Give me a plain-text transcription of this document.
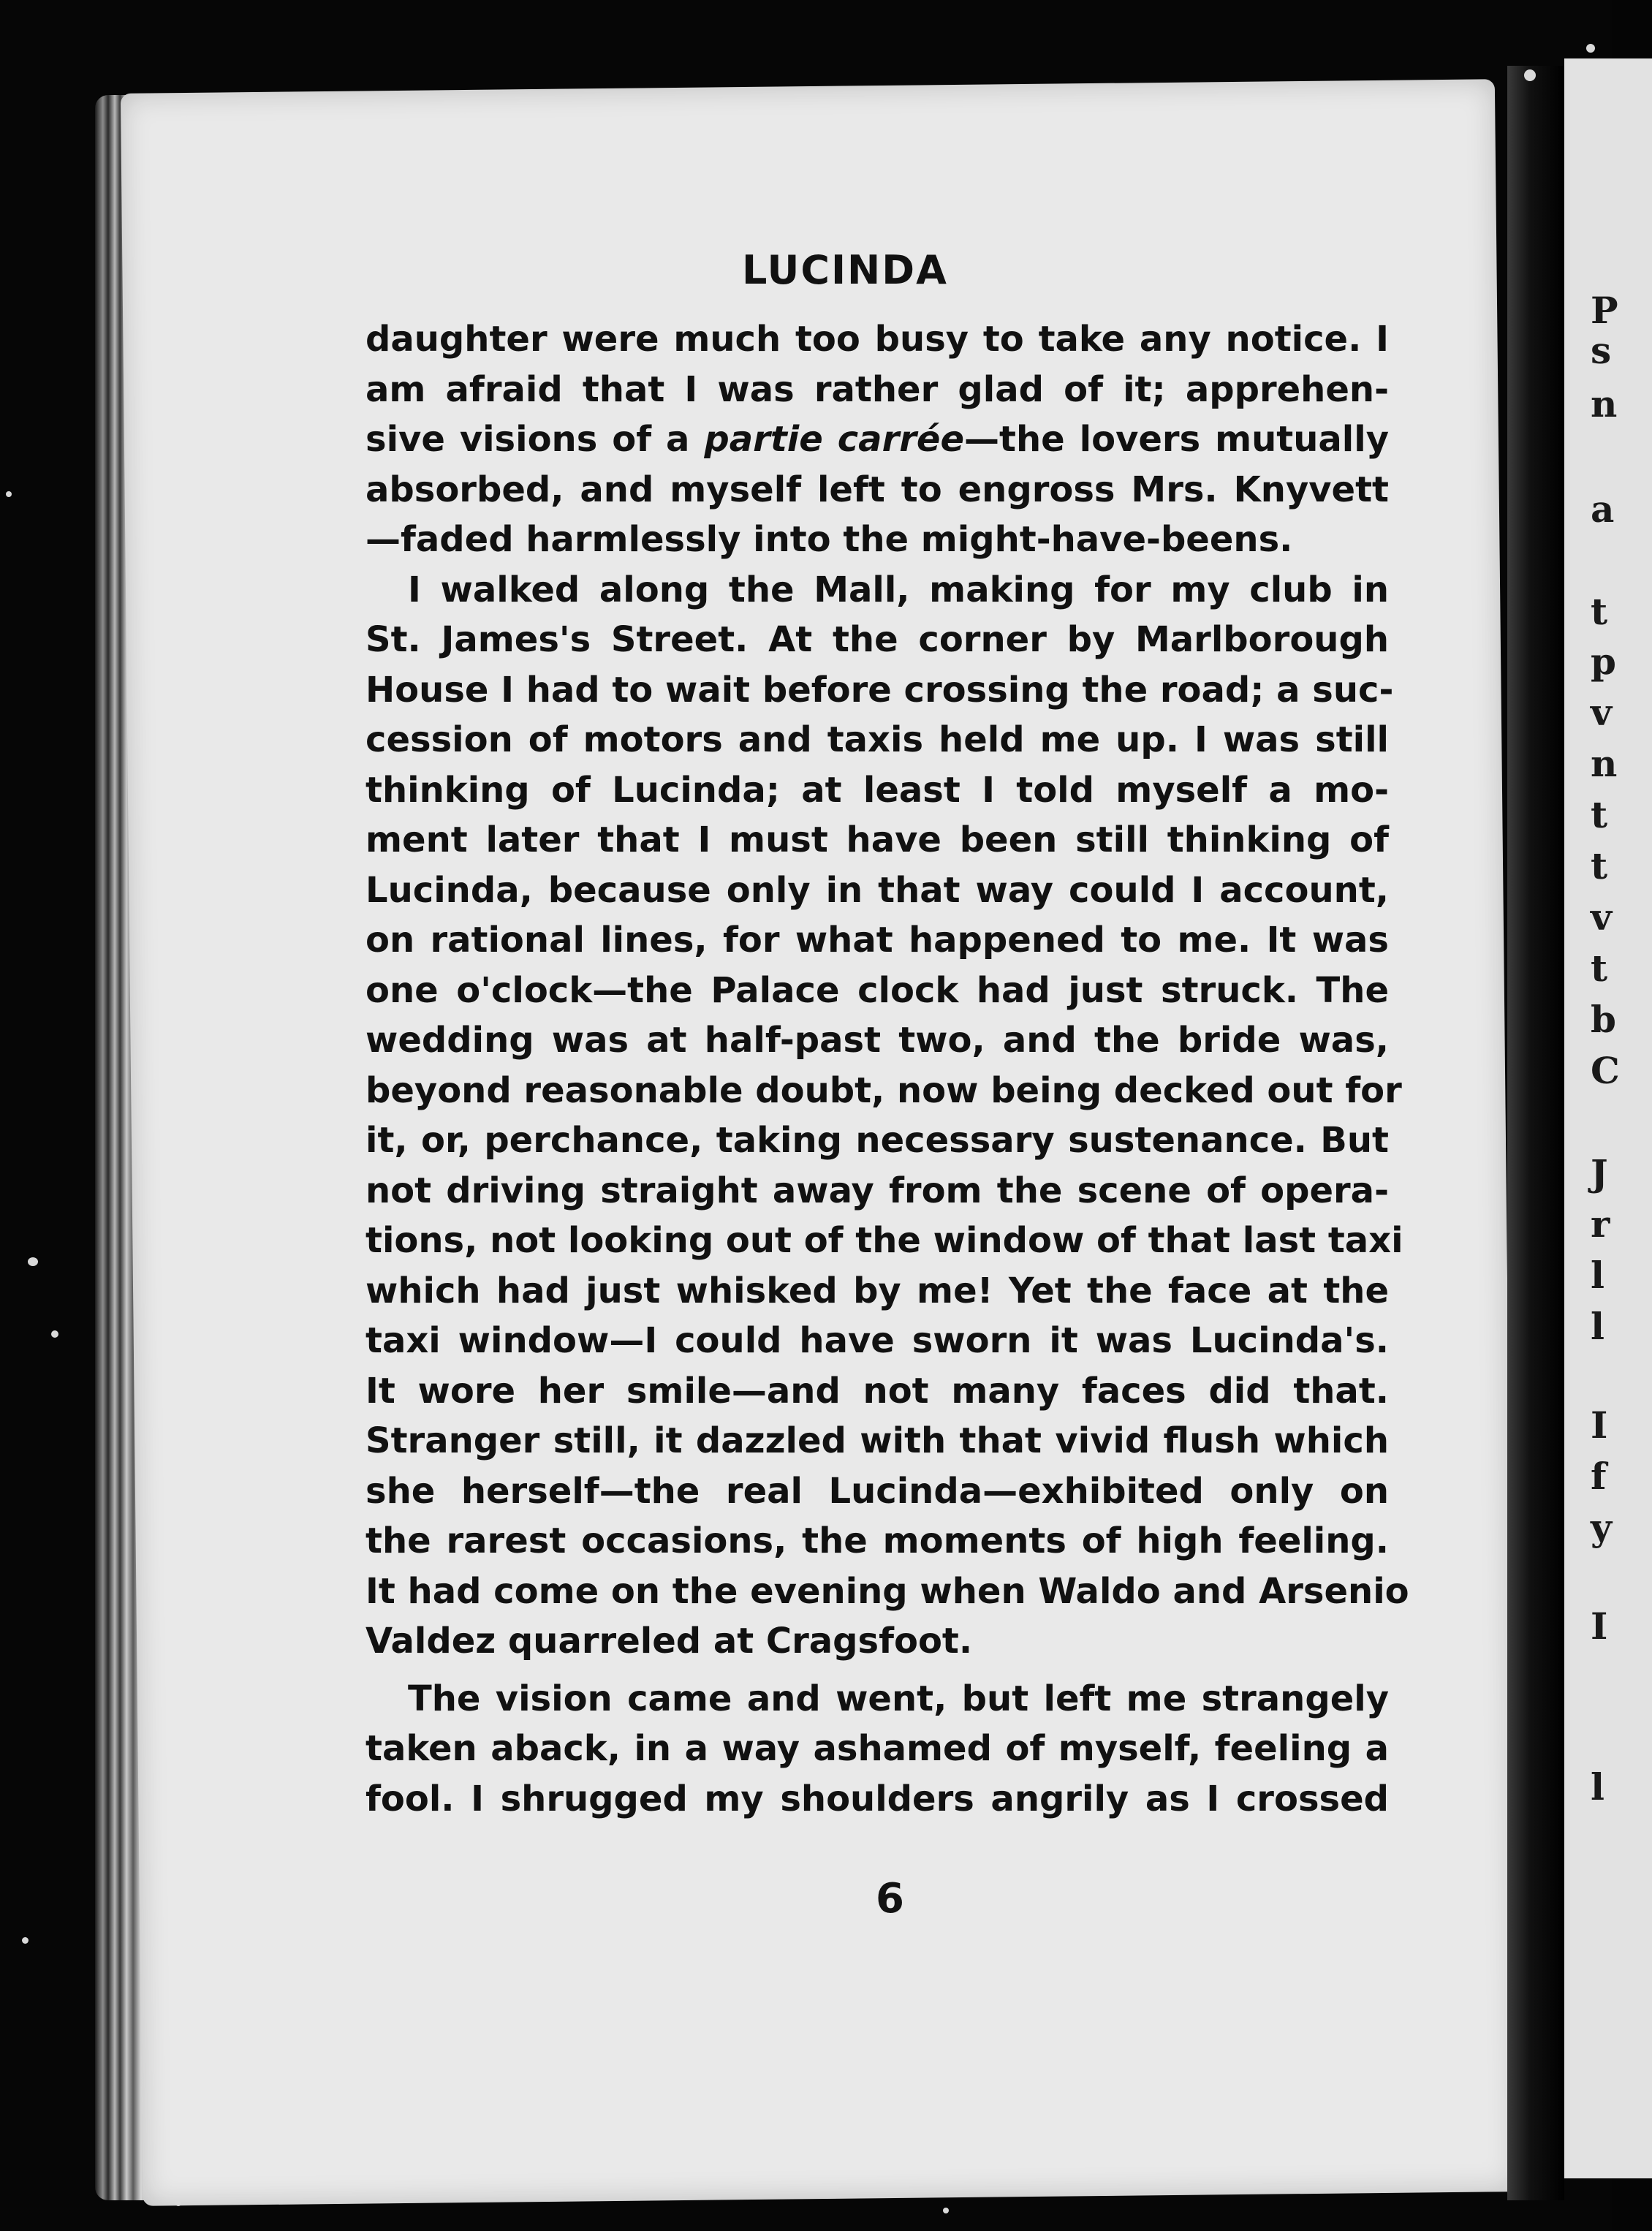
P
s
n
a
t
p
v
n
t
t
v
t
b
C
J
r
l
l
I
f
y
I
l
LUCINDA
daughter were much too busy to take any notice. I
am afraid that I was rather glad of it; apprehen-
sive visions of a partie carrée—the lovers mutually
absorbed, and myself left to engross Mrs. Knyvett
—faded harmlessly into the might-have-beens.
I walked along the Mall, making for my club in
St. James's Street. At the corner by Marlborough
House I had to wait before crossing the road; a suc-
cession of motors and taxis held me up. I was still
thinking of Lucinda; at least I told myself a mo-
ment later that I must have been still thinking of
Lucinda, because only in that way could I account,
on rational lines, for what happened to me. It was
one o'clock—the Palace clock had just struck. The
wedding was at half-past two, and the bride was,
beyond reasonable doubt, now being decked out for
it, or, perchance, taking necessary sustenance. But
not driving straight away from the scene of opera-
tions, not looking out of the window of that last taxi
which had just whisked by me! Yet the face at the
taxi window—I could have sworn it was Lucinda's.
It wore her smile—and not many faces did that.
Stranger still, it dazzled with that vivid flush which
she herself—the real Lucinda—exhibited only on
the rarest occasions, the moments of high feeling.
It had come on the evening when Waldo and Arsenio
Valdez quarreled at Cragsfoot.
The vision came and went, but left me strangely
taken aback, in a way ashamed of myself, feeling a
fool. I shrugged my shoulders angrily as I crossed
6
